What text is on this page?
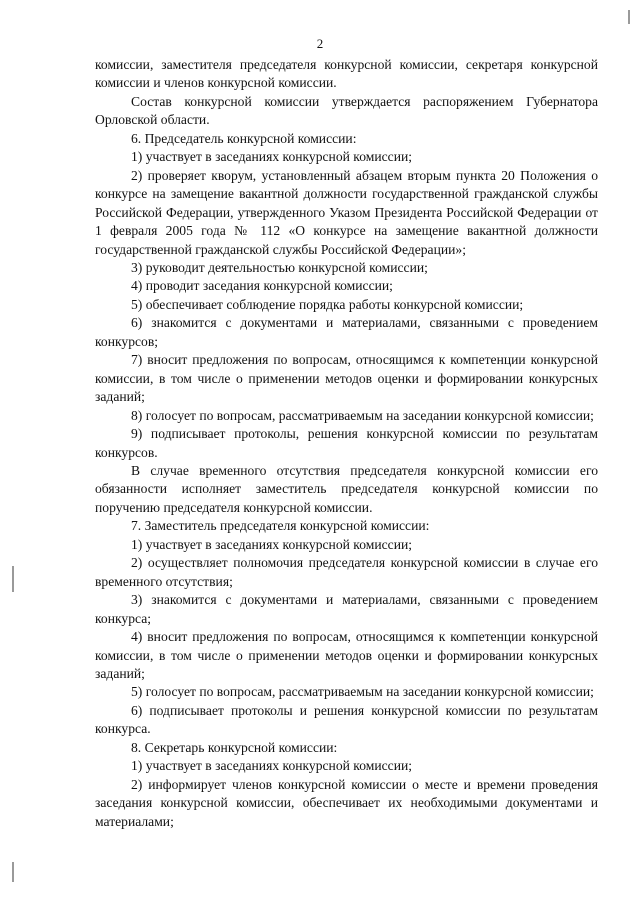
2

комиссии, заместителя председателя конкурсной комиссии, секретаря конкурсной комиссии и членов конкурсной комиссии.

Состав конкурсной комиссии утверждается распоряжением Губернатора Орловской области.

6. Председатель конкурсной комиссии:

1) участвует в заседаниях конкурсной комиссии;

2) проверяет кворум, установленный абзацем вторым пункта 20 Положения о конкурсе на замещение вакантной должности государственной гражданской службы Российской Федерации, утвержденного Указом Президента Российской Федерации от 1 февраля 2005 года № 112 «О конкурсе на замещение вакантной должности государственной гражданской службы Российской Федерации»;

3) руководит деятельностью конкурсной комиссии;

4) проводит заседания конкурсной комиссии;

5) обеспечивает соблюдение порядка работы конкурсной комиссии;

6) знакомится с документами и материалами, связанными с проведением конкурсов;

7) вносит предложения по вопросам, относящимся к компетенции конкурсной комиссии, в том числе о применении методов оценки и формировании конкурсных заданий;

8) голосует по вопросам, рассматриваемым на заседании конкурсной комиссии;

9) подписывает протоколы, решения конкурсной комиссии по результатам конкурсов.

В случае временного отсутствия председателя конкурсной комиссии его обязанности исполняет заместитель председателя конкурсной комиссии по поручению председателя конкурсной комиссии.

7. Заместитель председателя конкурсной комиссии:

1) участвует в заседаниях конкурсной комиссии;

2) осуществляет полномочия председателя конкурсной комиссии в случае его временного отсутствия;

3) знакомится с документами и материалами, связанными с проведением конкурса;

4) вносит предложения по вопросам, относящимся к компетенции конкурсной комиссии, в том числе о применении методов оценки и формировании конкурсных заданий;

5) голосует по вопросам, рассматриваемым на заседании конкурсной комиссии;

6) подписывает протоколы и решения конкурсной комиссии по результатам конкурса.

8. Секретарь конкурсной комиссии:

1) участвует в заседаниях конкурсной комиссии;

2) информирует членов конкурсной комиссии о месте и времени проведения заседания конкурсной комиссии, обеспечивает их необходимыми документами и материалами;
